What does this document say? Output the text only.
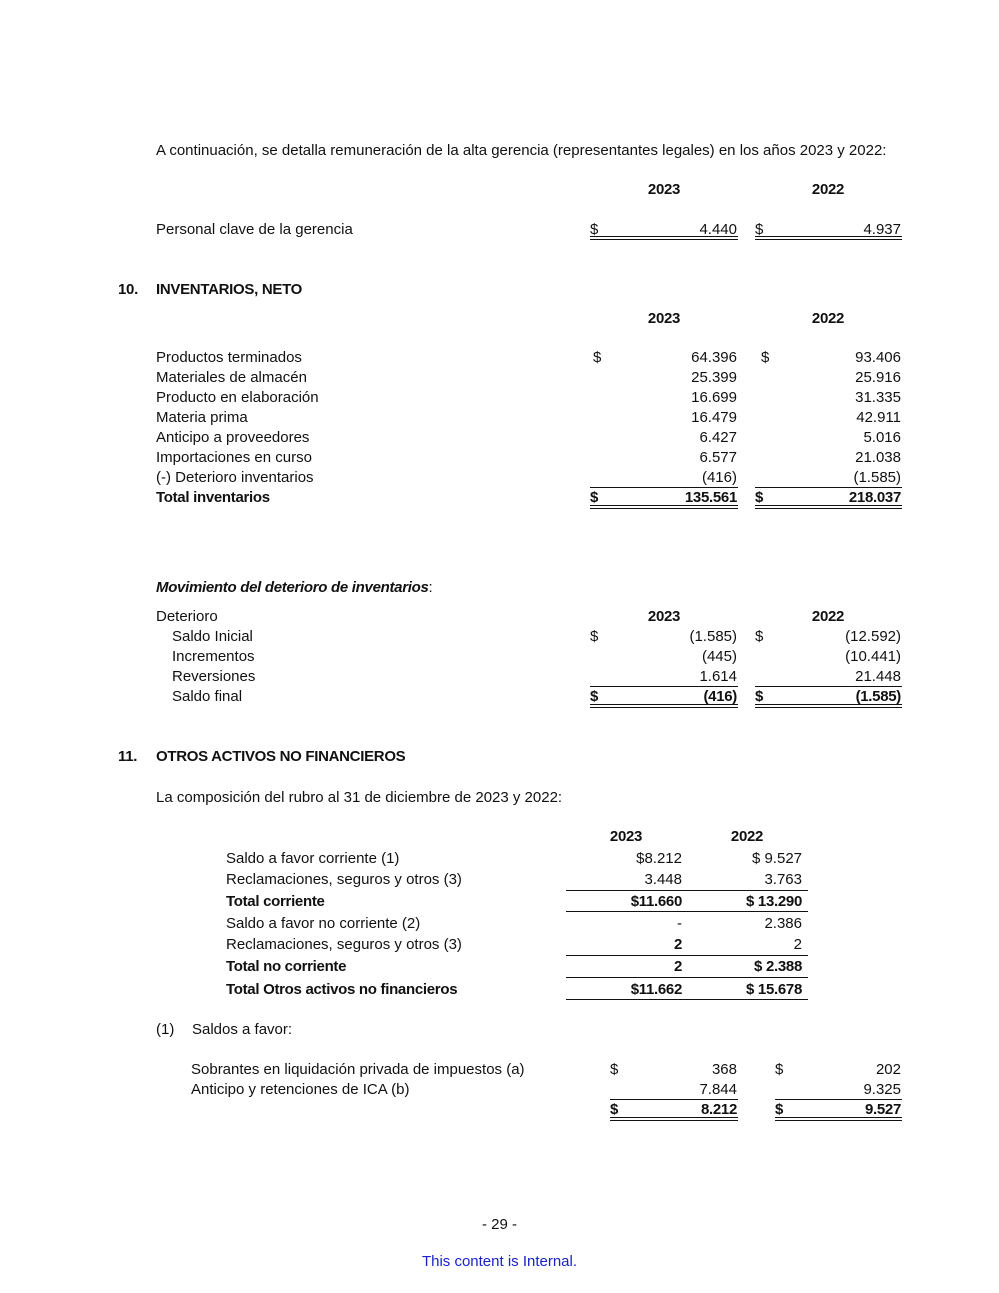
A continuación, se detalla remuneración de la alta gerencia (representantes legales) en los años 2023 y 2022:
2023	2022
Personal clave de la gerencia	$	4.440 $	4.937
10. INVENTARIOS, NETO
2023	2022
$	$
Productos terminados	64.396	93.406
Materiales de almacén	25.399	25.916
Producto en elaboración	16.699	31.335
Materia prima	16.479	42.911
Anticipo a proveedores	6.427	5.016
Importaciones en curso	6.577	21.038
(-) Deterioro inventarios	(416)	(1.585)
Total inventarios	$	135.561 $	218.037
Movimiento del deterioro de inventarios:
Deterioro	2023	2022
$	$
Saldo Inicial	(1.585)	(12.592)
Incrementos	(445)	(10.441)
Reversiones	1.614	21.448
Saldo final	$	(416) $	(1.585)
11. OTROS ACTIVOS NO FINANCIEROS
La composición del rubro al 31 de diciembre de 2023 y 2022:
2023	2022
Saldo a favor corriente (1)	$8.212	$ 9.527
Reclamaciones, seguros y otros (3)	3.448	3.763
Total corriente	$11.660	$ 13.290
Saldo a favor no corriente (2)	-	2.386
Reclamaciones, seguros y otros (3)	2	2
Total no corriente	2	$ 2.388
Total Otros activos no financieros	$11.662	$ 15.678
(1) Saldos a favor:
Sobrantes en liquidación privada de impuestos (a)	$	368	$	202
Anticipo y retenciones de ICA (b)	7.844	9.325
$	8.212	$	9.527
- 29 -
This content is Internal.
